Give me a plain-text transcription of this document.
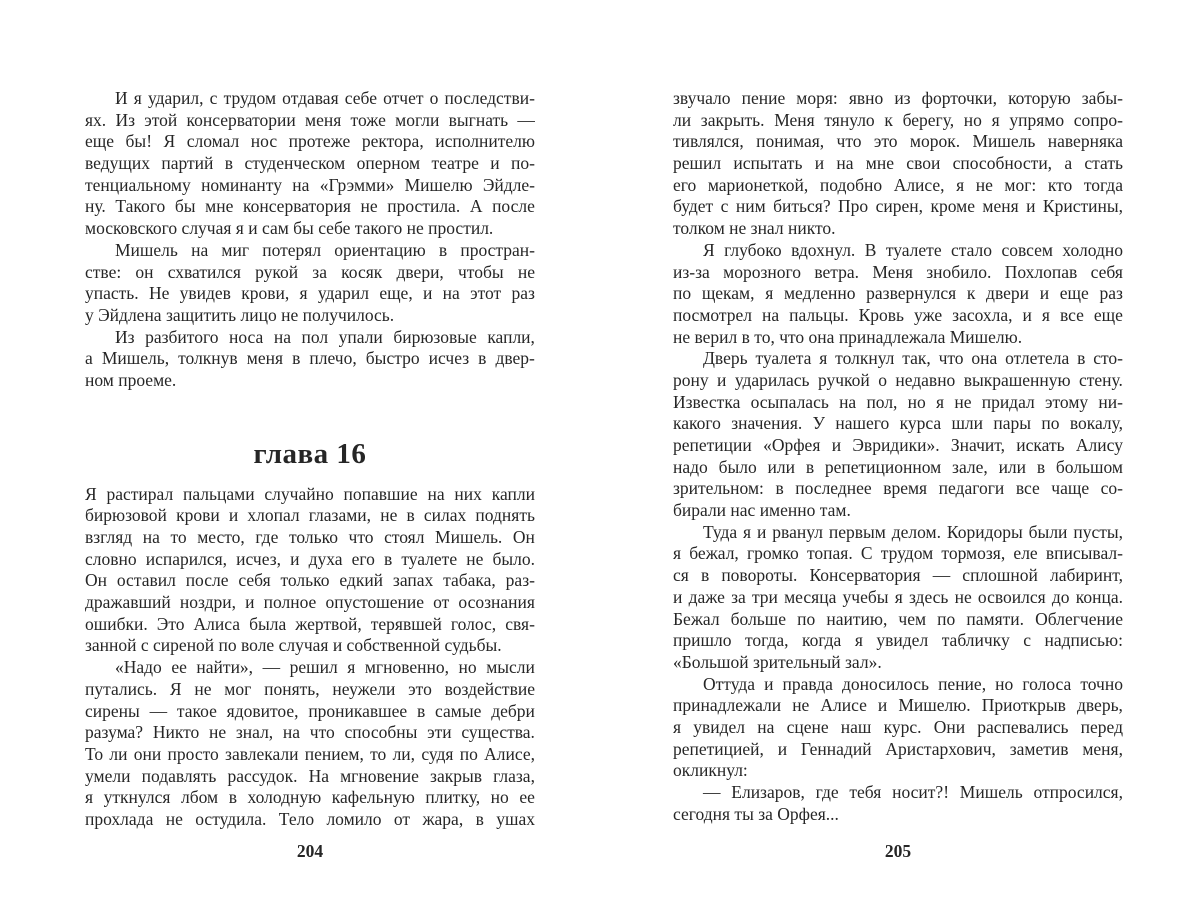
И я ударил, с трудом отдавая себе отчет о последстви-
ях. Из этой консерватории меня тоже могли выгнать —
еще бы! Я сломал нос протеже ректора, исполнителю
ведущих партий в студенческом оперном театре и по-
тенциальному номинанту на «Грэмми» Мишелю Эйдле-
ну. Такого бы мне консерватория не простила. А после
московского случая я и сам бы себе такого не простил.
Мишель на миг потерял ориентацию в простран-
стве: он схватился рукой за косяк двери, чтобы не
упасть. Не увидев крови, я ударил еще, и на этот раз
у Эйдлена защитить лицо не получилось.
Из разбитого носа на пол упали бирюзовые капли,
а Мишель, толкнув меня в плечо, быстро исчез в двер-
ном проеме.
глава 16
Я растирал пальцами случайно попавшие на них капли
бирюзовой крови и хлопал глазами, не в силах поднять
взгляд на то место, где только что стоял Мишель. Он
словно испарился, исчез, и духа его в туалете не было.
Он оставил после себя только едкий запах табака, раз-
дражавший ноздри, и полное опустошение от осознания
ошибки. Это Алиса была жертвой, терявшей голос, свя-
занной с сиреной по воле случая и собственной судьбы.
«Надо ее найти», — решил я мгновенно, но мысли
путались. Я не мог понять, неужели это воздействие
сирены — такое ядовитое, проникавшее в самые дебри
разума? Никто не знал, на что способны эти существа.
То ли они просто завлекали пением, то ли, судя по Алисе,
умели подавлять рассудок. На мгновение закрыв глаза,
я уткнулся лбом в холодную кафельную плитку, но ее
прохлада не остудила. Тело ломило от жара, в ушах
204
звучало пение моря: явно из форточки, которую забы-
ли закрыть. Меня тянуло к берегу, но я упрямо сопро-
тивлялся, понимая, что это морок. Мишель наверняка
решил испытать и на мне свои способности, а стать
его марионеткой, подобно Алисе, я не мог: кто тогда
будет с ним биться? Про сирен, кроме меня и Кристины,
толком не знал никто.
Я глубоко вдохнул. В туалете стало совсем холодно
из-за морозного ветра. Меня знобило. Похлопав себя
по щекам, я медленно развернулся к двери и еще раз
посмотрел на пальцы. Кровь уже засохла, и я все еще
не верил в то, что она принадлежала Мишелю.
Дверь туалета я толкнул так, что она отлетела в сто-
рону и ударилась ручкой о недавно выкрашенную стену.
Известка осыпалась на пол, но я не придал этому ни-
какого значения. У нашего курса шли пары по вокалу,
репетиции «Орфея и Эвридики». Значит, искать Алису
надо было или в репетиционном зале, или в большом
зрительном: в последнее время педагоги все чаще со-
бирали нас именно там.
Туда я и рванул первым делом. Коридоры были пусты,
я бежал, громко топая. С трудом тормозя, еле вписывал-
ся в повороты. Консерватория — сплошной лабиринт,
и даже за три месяца учебы я здесь не освоился до конца.
Бежал больше по наитию, чем по памяти. Облегчение
пришло тогда, когда я увидел табличку с надписью:
«Большой зрительный зал».
Оттуда и правда доносилось пение, но голоса точно
принадлежали не Алисе и Мишелю. Приоткрыв дверь,
я увидел на сцене наш курс. Они распевались перед
репетицией, и Геннадий Аристархович, заметив меня,
окликнул:
— Елизаров, где тебя носит?! Мишель отпросился,
сегодня ты за Орфея...
205
